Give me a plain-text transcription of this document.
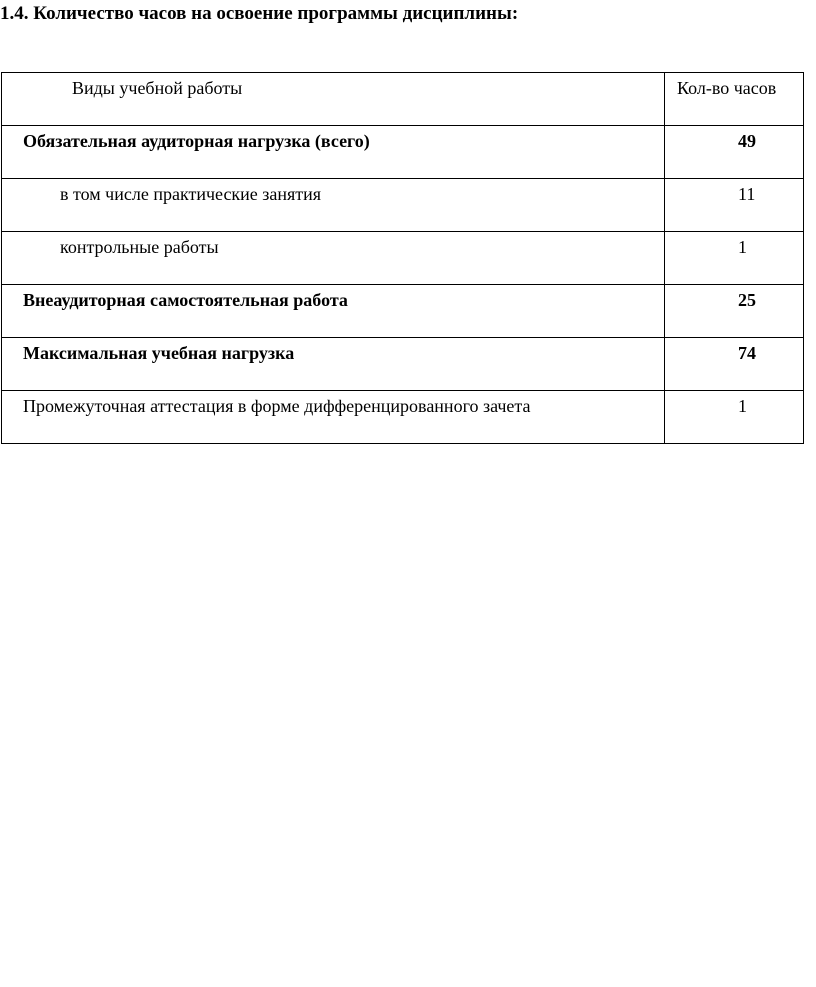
1.4. Количество часов на освоение программы дисциплины:

Виды учебной работы	Кол-во часов
Обязательная аудиторная нагрузка (всего)	49
в том числе практические занятия	11
контрольные работы	1
Внеаудиторная самостоятельная работа	25
Максимальная учебная нагрузка	74
Промежуточная аттестация в форме дифференцированного зачета	1
